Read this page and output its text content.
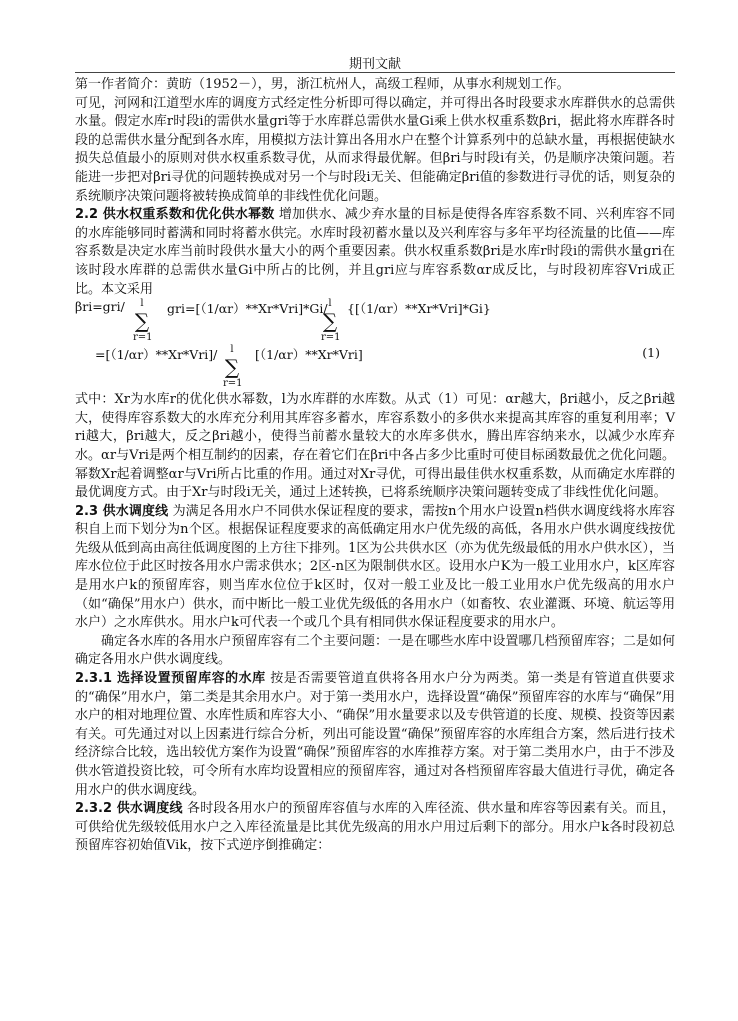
期刊文献

第一作者简介：黄昉（1952－），男，浙江杭州人，高级工程师，从事水利规划工作。

可见，河网和江道型水库的调度方式经定性分析即可得以确定，并可得出各时段要求水库群供水的总需供水量。假定水库r时段i的需供水量gri等于水库群总需供水量Gi乘上供水权重系数βri，据此将水库群各时段的总需供水量分配到各水库，用模拟方法计算出各用水户在整个计算系列中的总缺水量，再根据使缺水损失总值最小的原则对供水权重系数寻优，从而求得最优解。但βri与时段i有关，仍是顺序决策问题。若能进一步把对βri寻优的问题转换成对另一个与时段i无关、但能确定βri值的参数进行寻优的话，则复杂的系统顺序决策问题将被转换成简单的非线性优化问题。

2.2 供水权重系数和优化供水幂数 增加供水、减少弃水量的目标是使得各库容系数不同、兴利库容不同的水库能够同时蓄满和同时将蓄水供完。水库时段初蓄水量以及兴利库容与多年平均径流量的比值——库容系数是决定水库当前时段供水量大小的两个重要因素。供水权重系数βri是水库r时段i的需供水量gri在该时段水库群的总需供水量Gi中所占的比例，并且gri应与库容系数αr成反比，与时段初库容Vri成正比。本文采用

βri=gri/	l
∑
r=1
gri=[（1/αr）**Xr*Vri]*Gi/ l
∑
r=1
{[（1/αr）**Xr*Vri]*Gi}
=[（1/αr）**Xr*Vri]/	l
∑
r=1
[（1/αr）**Xr*Vri]	(1)

式中：Xr为水库r的优化供水幂数，l为水库群的水库数。从式（1）可见：αr越大，βri越小，反之βri越大，使得库容系数大的水库充分利用其库容多蓄水，库容系数小的多供水来提高其库容的重复利用率；Vri越大，βri越大，反之βri越小，使得当前蓄水量较大的水库多供水，腾出库容纳来水，以减少水库弃水。αr与Vri是两个相互制约的因素，存在着它们在βri中各占多少比重时可使目标函数最优之优化问题。幂数Xr起着调整αr与Vri所占比重的作用。通过对Xr寻优，可得出最佳供水权重系数，从而确定水库群的最优调度方式。由于Xr与时段i无关，通过上述转换，已将系统顺序决策问题转变成了非线性优化问题。

2.3 供水调度线 为满足各用水户不同供水保证程度的要求，需按n个用水户设置n档供水调度线将水库容积自上而下划分为n个区。根据保证程度要求的高低确定用水户优先级的高低，各用水户供水调度线按优先级从低到高由高往低调度图的上方往下排列。1区为公共供水区（亦为优先级最低的用水户供水区），当库水位位于此区时按各用水户需求供水；2区-n区为限制供水区。设用水户K为一般工业用水户，k区库容是用水户k的预留库容，则当库水位位于k区时，仅对一般工业及比一般工业用水户优先级高的用水户（如“确保”用水户）供水，而中断比一般工业优先级低的各用水户（如畜牧、农业灌溉、环境、航运等用水户）之水库供水。用水户k可代表一个或几个具有相同供水保证程度要求的用水户。

确定各水库的各用水户预留库容有二个主要问题：一是在哪些水库中设置哪几档预留库容；二是如何确定各用水户供水调度线。

2.3.1 选择设置预留库容的水库 按是否需要管道直供将各用水户分为两类。第一类是有管道直供要求的“确保”用水户，第二类是其余用水户。对于第一类用水户，选择设置“确保”预留库容的水库与“确保”用水户的相对地理位置、水库性质和库容大小、“确保”用水量要求以及专供管道的长度、规模、投资等因素有关。可先通过对以上因素进行综合分析，列出可能设置“确保”预留库容的水库组合方案，然后进行技术经济综合比较，选出较优方案作为设置“确保”预留库容的水库推荐方案。对于第二类用水户，由于不涉及供水管道投资比较，可令所有水库均设置相应的预留库容，通过对各档预留库容最大值进行寻优，确定各用水户的供水调度线。

2.3.2 供水调度线 各时段各用水户的预留库容值与水库的入库径流、供水量和库容等因素有关。而且，可供给优先级较低用水户之入库径流量是比其优先级高的用水户用过后剩下的部分。用水户k各时段初总预留库容初始值Vik，按下式逆序倒推确定：
